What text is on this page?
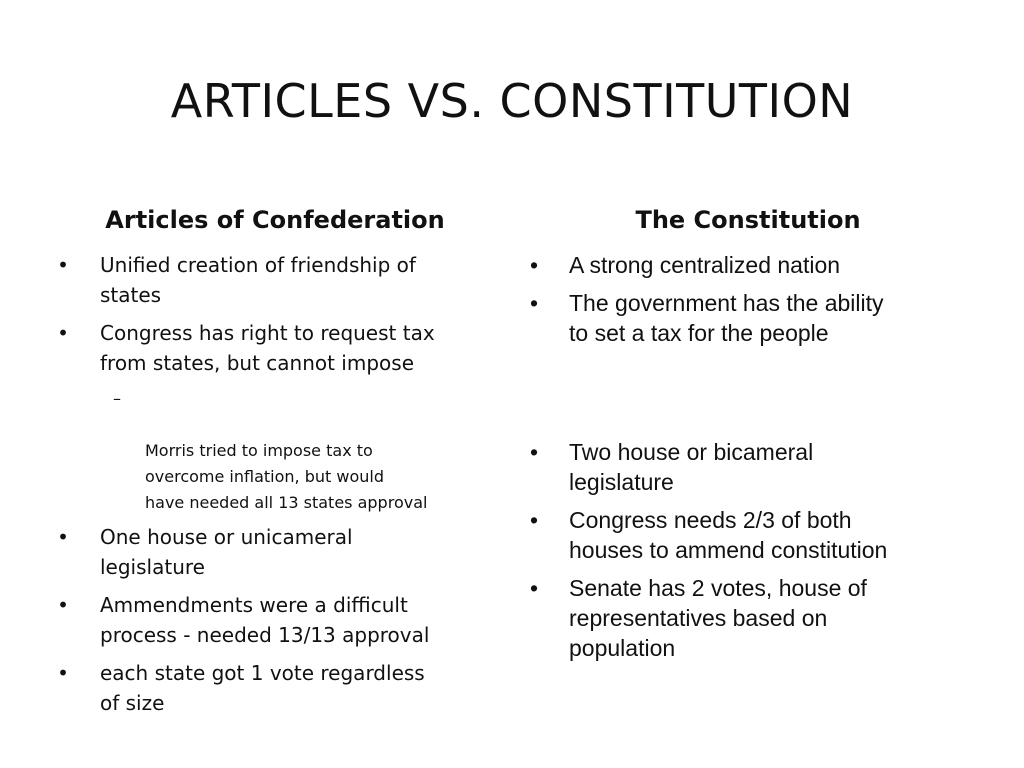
ARTICLES VS. CONSTITUTION
Articles of Confederation	The Constitution
• Unified creation of friendship of
states
• Congress has right to request tax
from states, but cannot impose

–

Morris tried to impose tax to
overcome inflation, but would
have needed all 13 states approval

• One house or unicameral
legislature
• Ammendments were a difficult
process - needed 13/13 approval
• each state got 1 vote regardless
of size
• A strong centralized nation
• The government has the ability
to set a tax for the people
• Two house or bicameral
legislature
• Congress needs 2/3 of both
houses to ammend constitution
• Senate has 2 votes, house of
representatives based on
population
